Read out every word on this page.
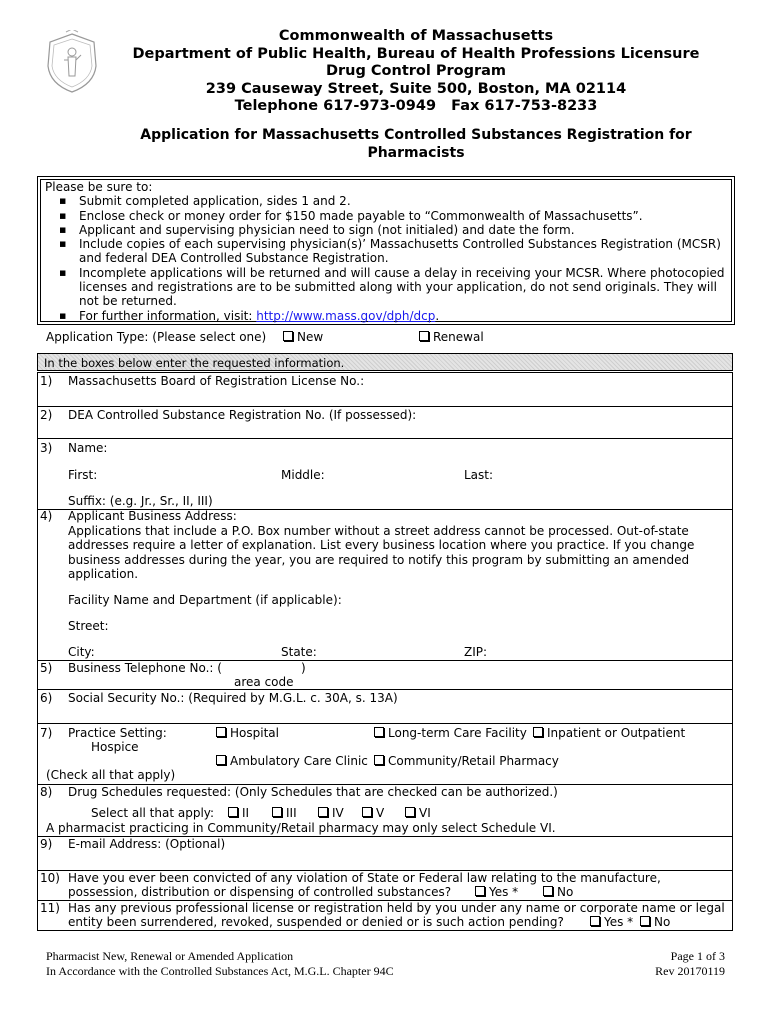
Commonwealth of Massachusetts
Department of Public Health, Bureau of Health Professions Licensure
Drug Control Program
239 Causeway Street, Suite 500, Boston, MA 02114
Telephone 617-973-0949   Fax 617-753-8233
Application for Massachusetts Controlled Substances Registration for
Pharmacists
Please be sure to:
▪ Submit completed application, sides 1 and 2.
▪ Enclose check or money order for $150 made payable to “Commonwealth of Massachusetts”.
▪ Applicant and supervising physician need to sign (not initialed) and date the form.
▪ Include copies of each supervising physician(s)’ Massachusetts Controlled Substances Registration (MCSR) and federal DEA Controlled Substance Registration.
▪ Incomplete applications will be returned and will cause a delay in receiving your MCSR. Where photocopied licenses and registrations are to be submitted along with your application, do not send originals. They will not be returned.
▪ For further information, visit: http://www.mass.gov/dph/dcp.
Application Type: (Please select one)	New	Renewal
In the boxes below enter the requested information.
1) Massachusetts Board of Registration License No.:
2) DEA Controlled Substance Registration No. (If possessed):
3) Name:
First:	Middle:	Last:
Suffix: (e.g. Jr., Sr., II, III)
4) Applicant Business Address:
Applications that include a P.O. Box number without a street address cannot be processed. Out-of-state
addresses require a letter of explanation. List every business location where you practice. If you change
business addresses during the year, you are required to notify this program by submitting an amended
application.
Facility Name and Department (if applicable):
Street:
City:	State:	ZIP:
5) Business Telephone No.: (	)
area code
6) Social Security No.: (Required by M.G.L. c. 30A, s. 13A)
7) Practice Setting:	Hospital	Long-term Care Facility	Inpatient or Outpatient
Hospice
Ambulatory Care Clinic	Community/Retail Pharmacy
(Check all that apply)
8) Drug Schedules requested: (Only Schedules that are checked can be authorized.)
Select all that apply:	II	III	IV	V	VI
A pharmacist practicing in Community/Retail pharmacy may only select Schedule VI.
9) E-mail Address: (Optional)
10) Have you ever been convicted of any violation of State or Federal law relating to the manufacture,
possession, distribution or dispensing of controlled substances?	Yes *	No
11) Has any previous professional license or registration held by you under any name or corporate name or legal
entity been surrendered, revoked, suspended or denied or is such action pending?	Yes *	No
Pharmacist New, Renewal or Amended Application
In Accordance with the Controlled Substances Act, M.G.L. Chapter 94C
Page 1 of 3
Rev 20170119
